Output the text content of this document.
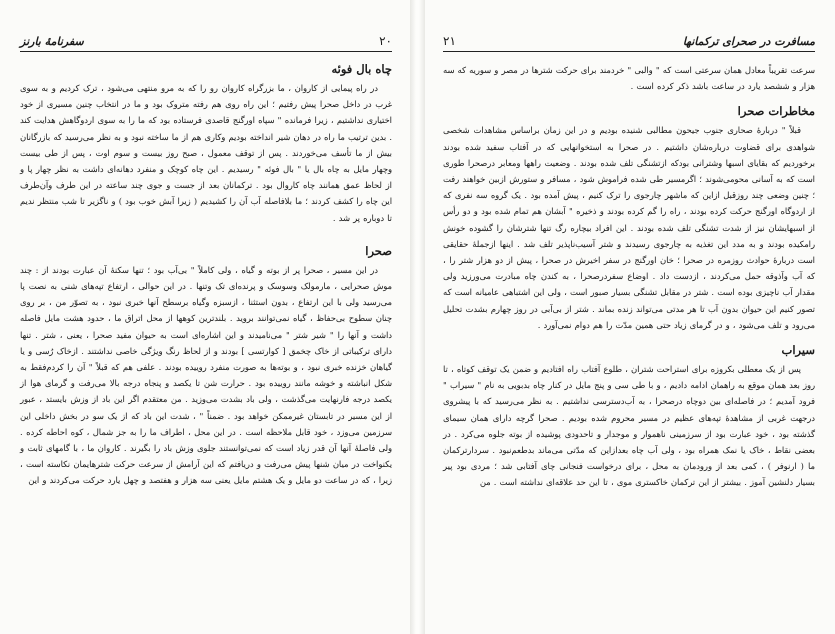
مسافرت در صحرای ترکمانها
۲۱

سرعت تقریباً معادل همان سرعتی است که " والبی " خردمند برای حرکت شترها در مصر و سوریه که سه هزار و ششصد یارد در ساعت باشد ذکر کرده است .

مخاطرات صحرا

قبلاً " دربارهٔ صحاری جنوب جیحون مطالبی شنیده بودیم و در این زمان براساس مشاهدات شخصی شواهدی برای قضاوت درباره‌شان داشتیم . در صحرا به استخوانهایی که در آفتاب سفید شده بودند برخوردیم که بقایای اسبها وشترانی بودکه ازتشنگی تلف شده بودند . وضعیت راهها ومعابر درصحرا طوری است که به آسانی محومی‌شوند ؛ اگرمسیر طی شده فراموش شود ، مسافر و ستورش ازبین خواهند رفت ؛ چنین وضعی چند روزقبل ازاین که ماشهر چارجوی را ترک کنیم ، پیش آمده بود . یک گروه سه نفری که از اردوگاه اورگنج حرکت کرده بودند ، راه را گم کرده بودند و ذخیره " آبشان هم تمام شده بود و دو رأس از اسبهایشان نیز از شدت تشنگی تلف شده بودند . این افراد بیچاره رگ تنها شترشان را گشوده خونش رامکیده بودند و به مدد این تغذیه به چارجوی رسیدند و شتر آسیب‌ناپذیر تلف شد . اینها ازجملهٔ حقایقی است دربارهٔ حوادث روزمره در صحرا ؛ خان اورگنج در سفر اخیرش در صحرا ، پیش از دو هزار شتر را ، که آب وآذوقه حمل می‌کردند ، ازدست داد . اوضاع سفردرصحرا ، به کندن چاه مبادرت می‌ورزید ولی مقدار آب ناچیزی بوده است . شتر در مقابل تشنگی بسیار صبور است ، ولی این اشتباهی عامیانه است که تصور کنیم این حیوان بدون آب تا هر مدتی می‌تواند زنده بماند . شتر از بی‌آبی در روز چهارم بشدت تحلیل می‌رود و تلف می‌شود ، و در گرمای زیاد حتی همین مدّت را هم دوام نمی‌آورد .

سیراب

پس از یک معطلی بکروزه برای استراحت شتران ، طلوع آفتاب راه افتادیم و ضمن یک توقف کوتاه ، تا روز بعد همان موقع به راهمان ادامه دادیم ، و با طی سی و پنج مایل در کنار چاه بدبویی به نام " سیراب " فرود آمدیم ؛ در فاصله‌ای بین دوچاه درصحرا ، به آب‌دسترسی نداشتیم . به نظر می‌رسید که با پیشروی درجهت غربی از مشاهدهٔ تپه‌های عظیم در مسیر محروم شده بودیم . صحرا گرچه دارای همان سیمای گذشته بود ، خود عبارت بود از سرزمینی ناهموار و موجدار و تاحدودی پوشیده از بوته جلوه می‌کرد . در بعضی نقاط ، خاک یا نمک همراه بود ، ولی آب چاه بعدازاین که مدّتی می‌ماند بدطعم‌نبود . سردارترکمان ما ( ارنوفر ) ، کمی بعد از ورودمان به محل ، برای درخواست فنجانی چای آفتابی شد ؛ مردی بود پیر بسیار دلنشین آموز . بیشتر از این ترکمان خاکستری موی ، تا این حد علاقه‌ای نداشته است . من

۲۰
سفرنامهٔ بارنز
چاه بال فوئه

در راه پیمایی از کاروان ، ما بزرگراه کاروان رو را که به مرو منتهی می‌شود ، ترک کردیم و به سوی غرب در داخل صحرا پیش رفتیم ؛ این راه روی هم رفته متروک بود و ما در انتخاب چنین مسیری از خود اختیاری نداشتیم ، زیرا فرمانده " سپاه اورگنج قاصدی فرستاده بود که ما را به سوی اردوگاهش هدایت کند . بدین ترتیب ما راه در دهان شیر انداخته بودیم وکاری هم از ما ساخته نبود و به نظر می‌رسید که بازرگانان بیش از ما تأسف می‌خوردند . پس از توقف معمول ، صبح روز بیست و سوم اوت ، پس از طی بیست وچهار مایل به چاه بال یا " بال فوئه " رسیدیم . این چاه کوچک و منفرد دهانه‌ای داشت به نظر چهار پا و از لحاظ عمق همانند چاه کاروال بود . ترکمانان بعد از جست و جوی چند ساعته در این طرف وآن‌طرف این چاه را کشف کردند ؛ ما بلافاصله آب آن را کشیدیم ( زیرا آبش خوب بود ) و ناگزیر تا شب منتظر ندیم تا دوباره پر شد .

صحرا

در این مسیر ، صحرا پر از بوته و گیاه ، ولی کاملاً " بی‌آب بود ؛ تنها سکنهٔ آن عبارت بودند از : چند موش صحرایی ، مارمولک وسوسک و پرنده‌ای تک وتنها . در این حوالی ، ارتفاع تپه‌های شنی به نصت پا می‌رسید ولی با این ارتفاع ، بدون استثنا ، ازسبزه وگیاه برسطح آنها خبری نبود ، به تصوّر من ، بر روی چنان سطوح بی‌حفاظ ، گیاه نمی‌توانند بروید . بلندترین کوهها از محل اتراق ما ، حدود هشت مایل فاصله داشت و آنها را " شیر شتر " می‌نامیدند و این اشاره‌ای است به حیوان مفید صحرا ، یعنی ، شتر . تنها دارای ترکیباتی از خاک چخمق [ کوارتسی ] بودند و از لحاظ رنگ ویژگی خاصی نداشتند . ازخاک رُسی و یا گیاهان خزنده خبری نبود ، و بوته‌ها به صورت منفرد روییده بودند . علفی هم که قبلاً " آن را کردم‌فقط به شکل انباشته و خوشه مانند روییده بود . حرارت شن تا یکصد و پنجاه درجه بالا می‌رفت و گرمای هوا از یکصد درجه فارنهایت می‌گذشت ، ولی باد بشدت می‌وزید . من معتقدم اگر این باد از وزش بایستد ، عبور از این مسیر در تابستان غیرممکن خواهد بود . ضمناً " ، شدت این باد که از یک سو در بخش داخلی این سرزمین می‌وزد ، خود قابل ملاحظه است . در این محل ، اطراف ما را به جز شمال ، کوه احاطه کرده . ولی فاصلهٔ آنها آن قدر زیاد است که نمی‌توانستند جلوی وزش باد را بگیرند . کاروان ما ، با گامهای ثابت و یکنواخت در میان شنها پیش می‌رفت و دریافتم که این آرامش از سرعت حرکت شترهایمان نکاسته است ، زیرا ، که در ساعت دو مایل و یک هشتم مایل یعنی سه هزار و هفتصد و چهل یارد حرکت می‌کردند و این
